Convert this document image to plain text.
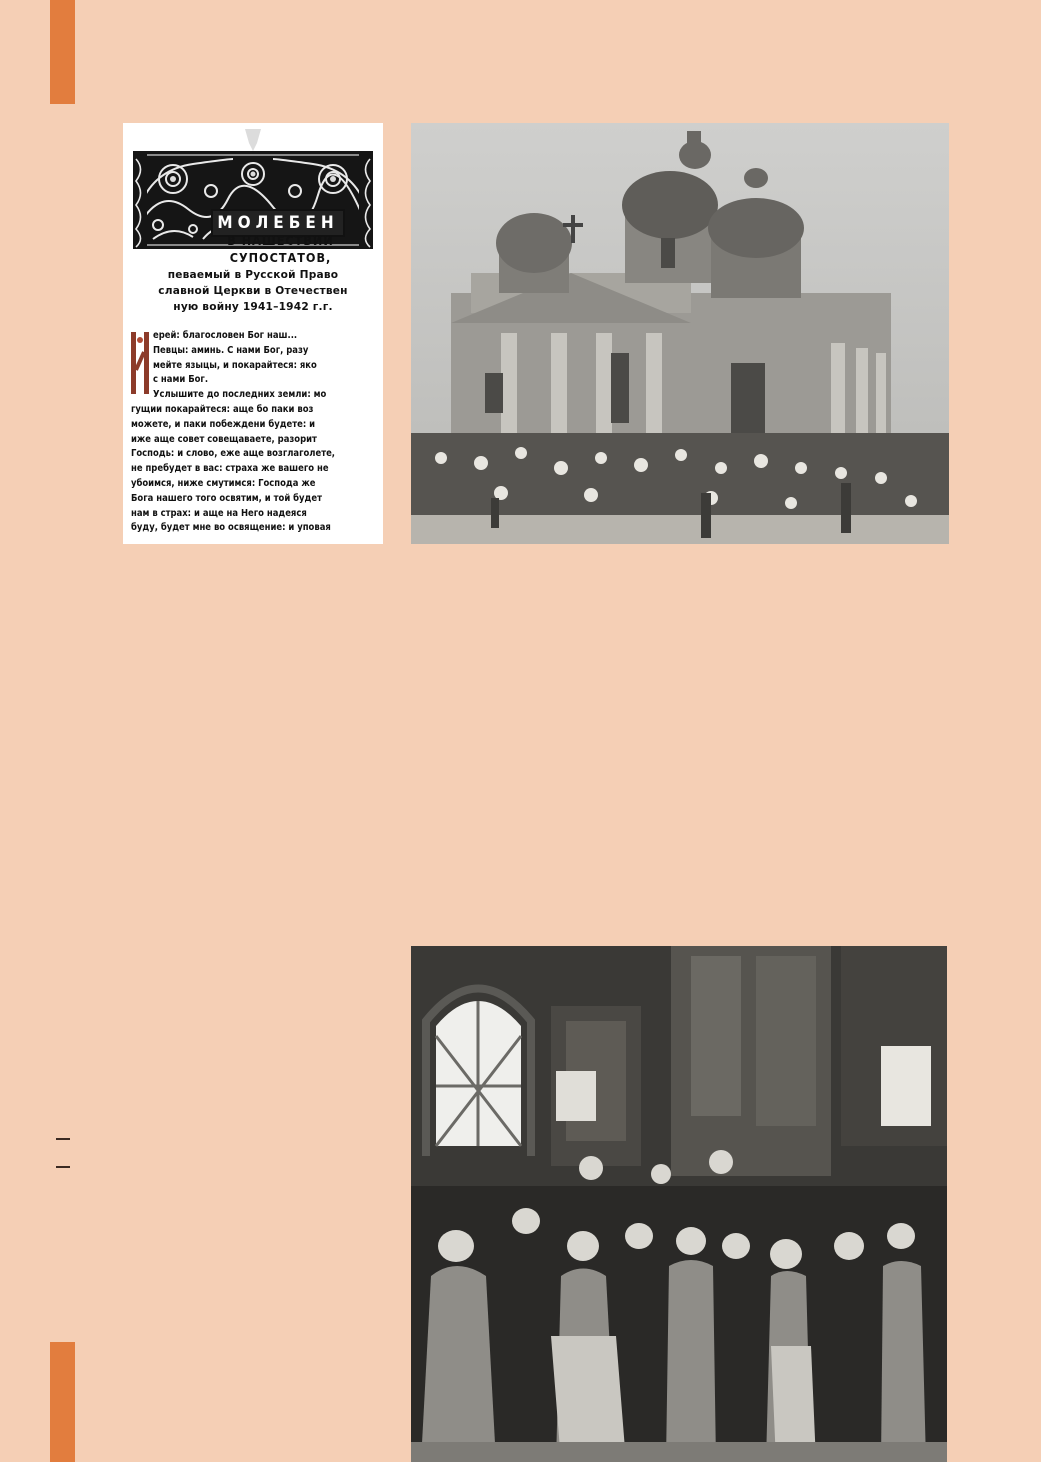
МОЛЕБЕН
В НАШЕСТВИИ
СУПОСТАТОВ,
певаемый в Русской Право
славной Церкви в Отечествен
ную войну 1941–1942 г.г.
ерей: благословен Бог наш...
Певцы: аминь. С нами Бог, разу
мейте языцы, и покарайтеся: яко
с нами Бог.
Услышите до последних земли: мо
гущии покарайтеся: аще бо паки воз
можете, и паки побеждени будете: и
иже аще совет совещаваете, разорит
Господь: и слово, еже аще возглаголете,
не пребудет в вас: страха же вашего не
убоимся, ниже смутимся: Господа же
Бога нашего того освятим, и той будет
нам в страх: и аще на Него надеяся
буду, будет мне во освящение: и уповая
